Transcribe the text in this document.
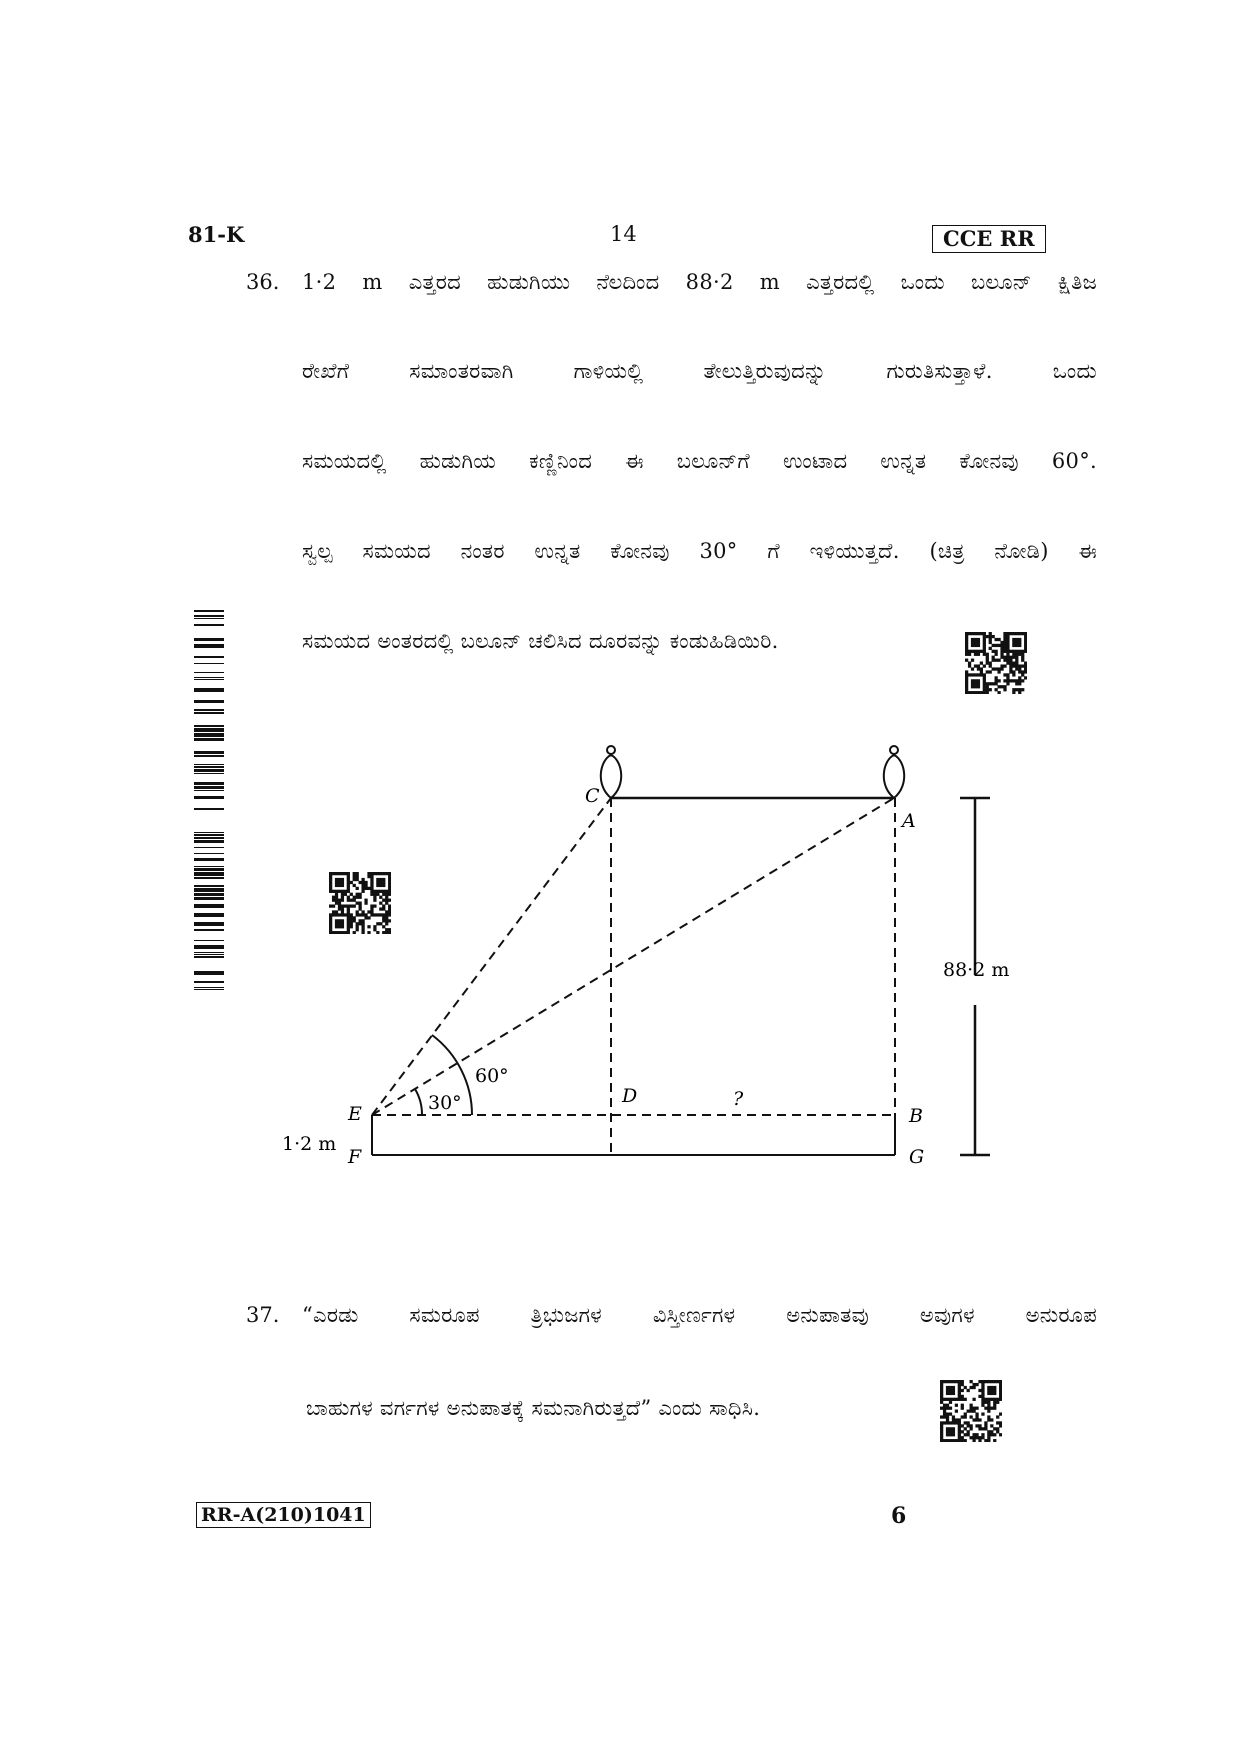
81-K	14	CCE RR
36. 1·2 m ಎತ್ತರದ ಹುಡುಗಿಯು ನೆಲದಿಂದ 88·2 m ಎತ್ತರದಲ್ಲಿ ಒಂದು ಬಲೂನ್ ಕ್ಷಿತಿಜ
ರೇಖೆಗೆ ಸಮಾಂತರವಾಗಿ ಗಾಳಿಯಲ್ಲಿ ತೇಲುತ್ತಿರುವುದನ್ನು ಗುರುತಿಸುತ್ತಾಳೆ. ಒಂದು
ಸಮಯದಲ್ಲಿ ಹುಡುಗಿಯ ಕಣ್ಣಿನಿಂದ ಈ ಬಲೂನ್‌ಗೆ ಉಂಟಾದ ಉನ್ನತ ಕೋನವು 60°.
ಸ್ವಲ್ಪ ಸಮಯದ ನಂತರ ಉನ್ನತ ಕೋನವು 30° ಗೆ ಇಳಿಯುತ್ತದೆ. (ಚಿತ್ರ ನೋಡಿ) ಈ
ಸಮಯದ ಅಂತರದಲ್ಲಿ ಬಲೂನ್ ಚಲಿಸಿದ ದೂರವನ್ನು ಕಂಡುಹಿಡಿಯಿರಿ.
C
A
E
F
D
B
G
?
30°
60°
88·2 m
1·2 m
37. “ಎರಡು ಸಮರೂಪ ತ್ರಿಭುಜಗಳ ವಿಸ್ತೀರ್ಣಗಳ ಅನುಪಾತವು ಅವುಗಳ ಅನುರೂಪ
ಬಾಹುಗಳ ವರ್ಗಗಳ ಅನುಪಾತಕ್ಕೆ ಸಮನಾಗಿರುತ್ತದೆ” ಎಂದು ಸಾಧಿಸಿ.
RR-A(210)1041	6
